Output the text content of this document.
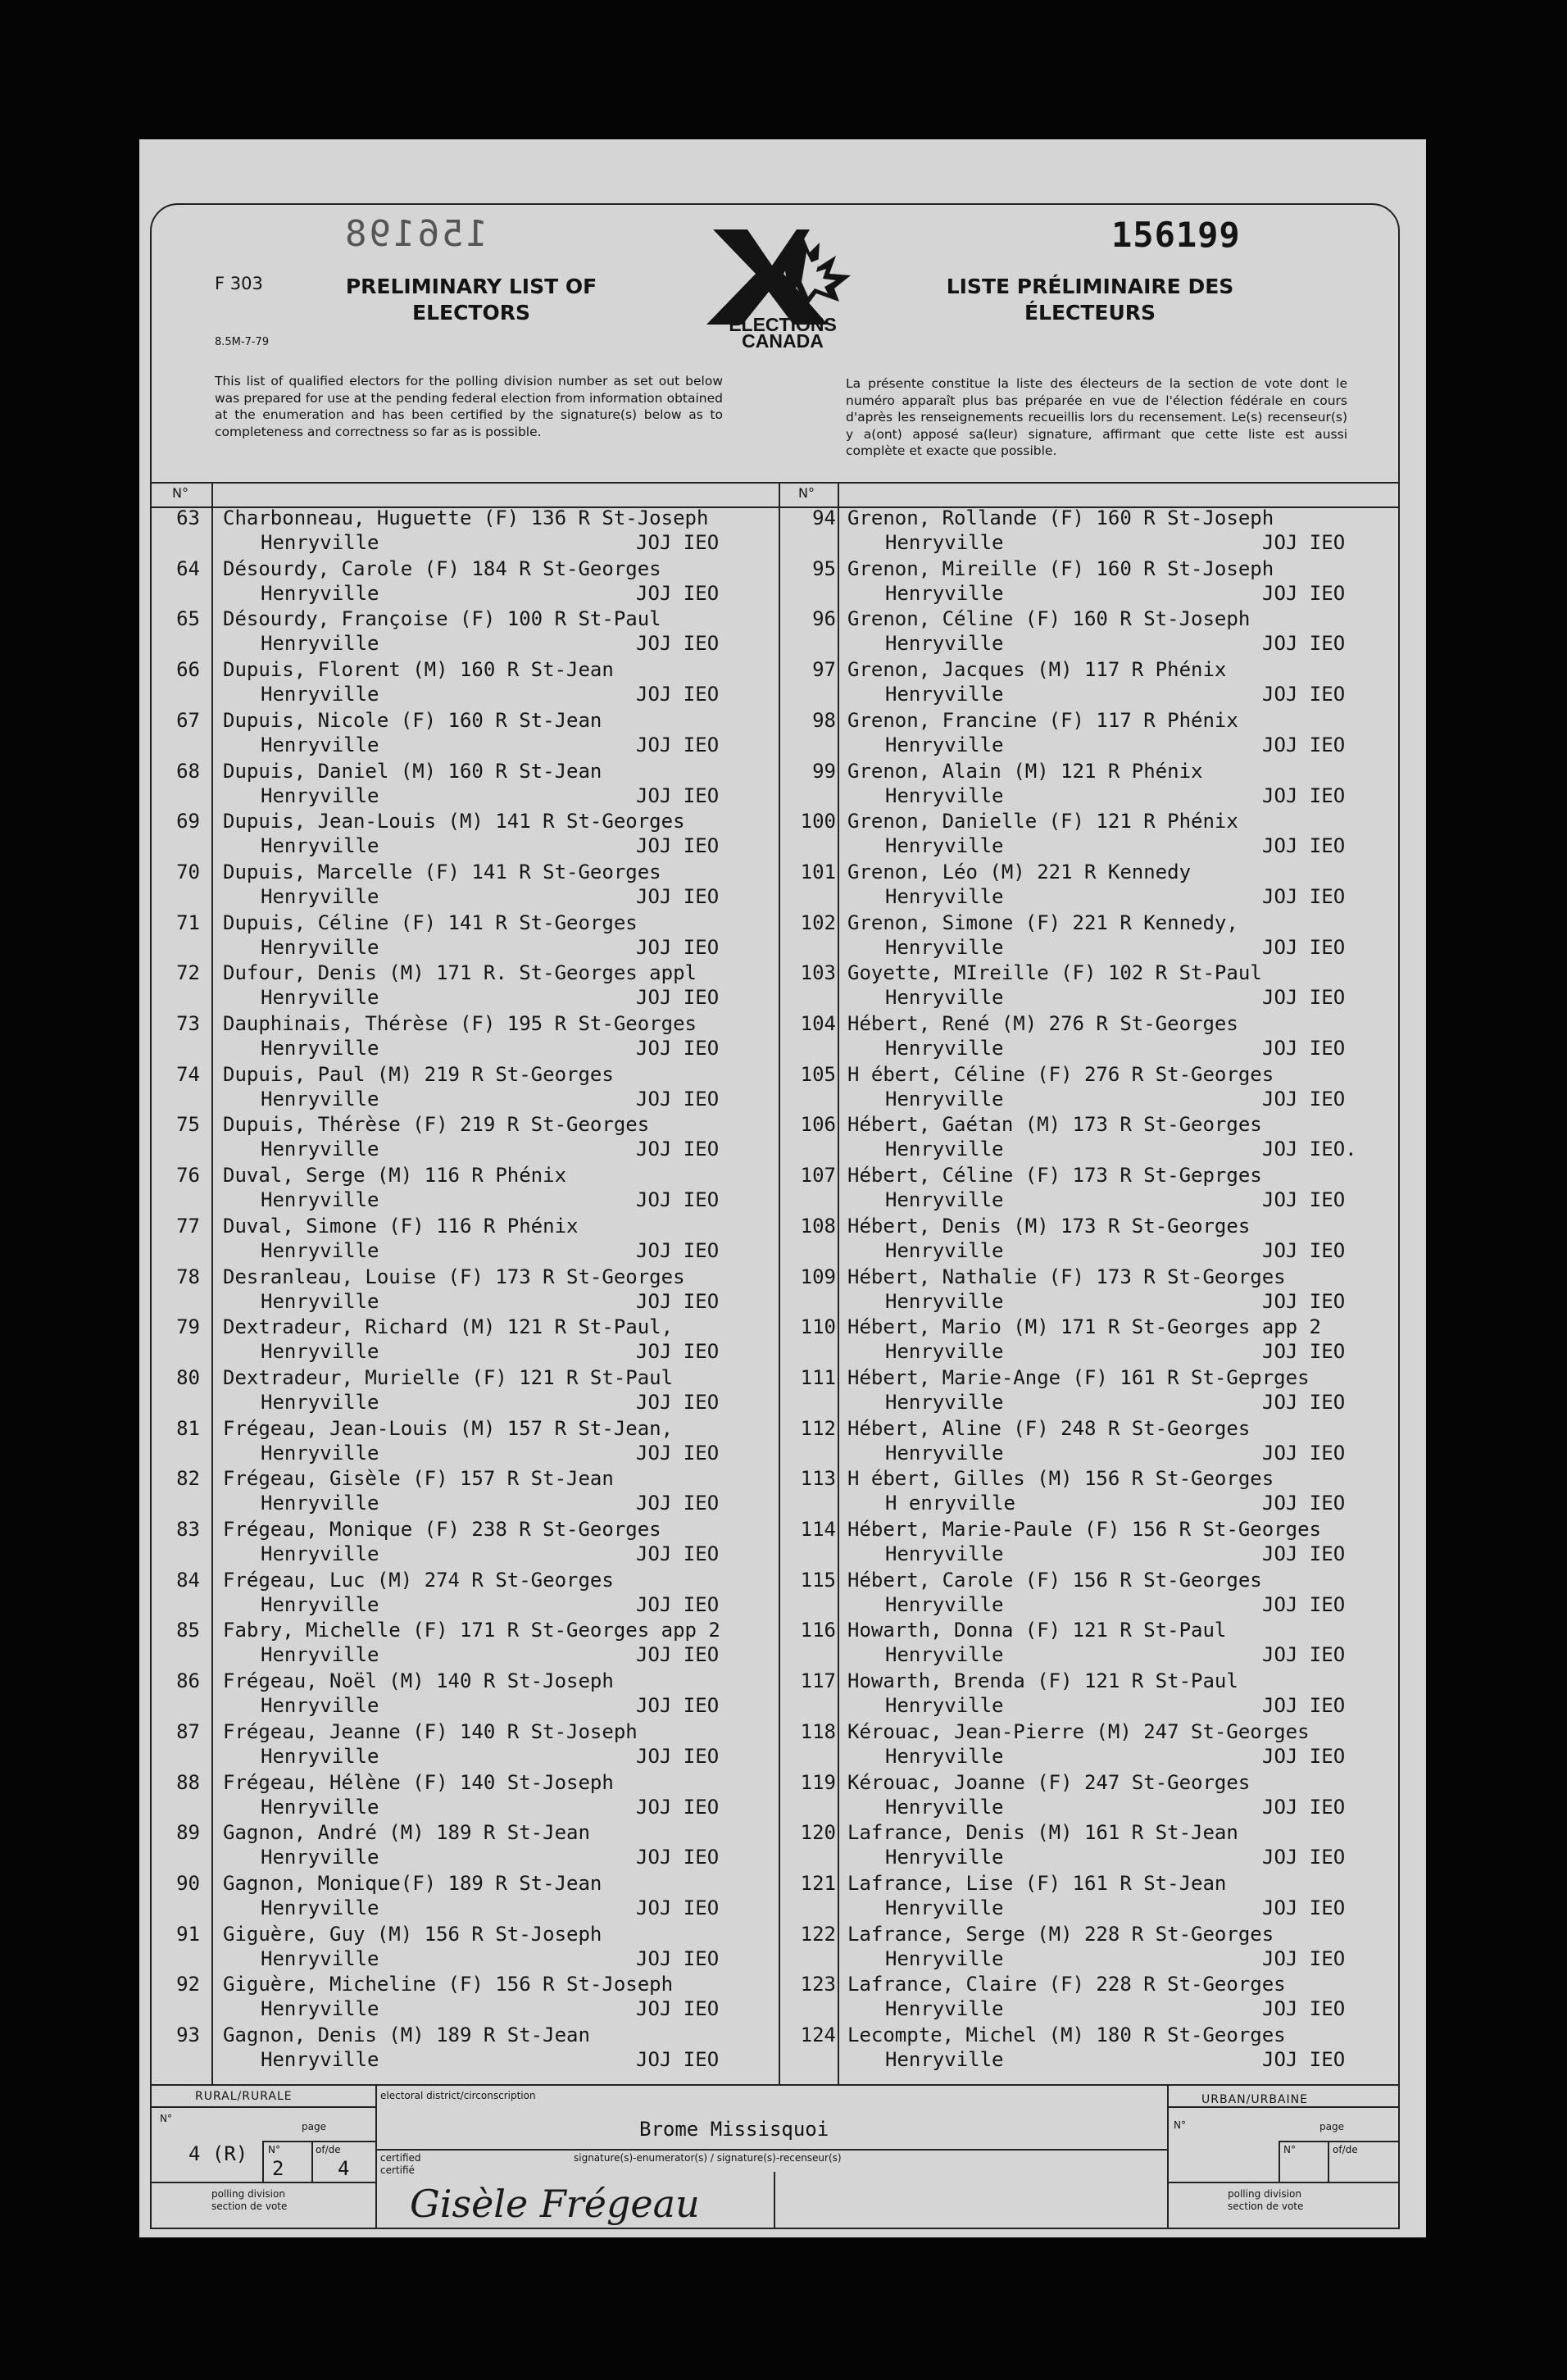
156198	156199
F 303
8.5M-7-79
PRELIMINARY LIST OF
ELECTORS	ELECTIONS
CANADA
LISTE PRÉLIMINAIRE DES
ÉLECTEURS
This list of qualified electors for the polling division number as set out below was prepared for use at the pending federal election from information obtained at the enumeration and has been certified by the signature(s) below as to completeness and correctness so far as is possible.
La présente constitue la liste des électeurs de la section de vote dont le numéro apparaît plus bas préparée en vue de l'élection fédérale en cours d'après les renseignements recueillis lors du recensement. Le(s) recenseur(s) y a(ont) apposé sa(leur) signature, affirmant que cette liste est aussi complète et exacte que possible.
N°	N°
63 Charbonneau, Huguette (F) 136 R St-Joseph
Henryville	JOJ IEO
64 Désourdy, Carole (F) 184 R St-Georges
Henryville	JOJ IEO
65 Désourdy, Françoise (F) 100 R St-Paul
Henryville	JOJ IEO
66 Dupuis, Florent (M) 160 R St-Jean
Henryville	JOJ IEO
67 Dupuis, Nicole (F) 160 R St-Jean
Henryville	JOJ IEO
68 Dupuis, Daniel (M) 160 R St-Jean
Henryville	JOJ IEO
69 Dupuis, Jean-Louis (M) 141 R St-Georges
Henryville	JOJ IEO
70 Dupuis, Marcelle (F) 141 R St-Georges
Henryville	JOJ IEO
71 Dupuis, Céline (F) 141 R St-Georges
Henryville	JOJ IEO
72 Dufour, Denis (M) 171 R. St-Georges appl
Henryville	JOJ IEO
73 Dauphinais, Thérèse (F) 195 R St-Georges
Henryville	JOJ IEO
74 Dupuis, Paul (M) 219 R St-Georges
Henryville	JOJ IEO
75 Dupuis, Thérèse (F) 219 R St-Georges
Henryville	JOJ IEO
76 Duval, Serge (M) 116 R Phénix
Henryville	JOJ IEO
77 Duval, Simone (F) 116 R Phénix
Henryville	JOJ IEO
78 Desranleau, Louise (F) 173 R St-Georges
Henryville	JOJ IEO
79 Dextradeur, Richard (M) 121 R St-Paul,
Henryville	JOJ IEO
80 Dextradeur, Murielle (F) 121 R St-Paul
Henryville	JOJ IEO
81 Frégeau, Jean-Louis (M) 157 R St-Jean,
Henryville	JOJ IEO
82 Frégeau, Gisèle (F) 157 R St-Jean
Henryville	JOJ IEO
83 Frégeau, Monique (F) 238 R St-Georges
Henryville	JOJ IEO
84 Frégeau, Luc (M) 274 R St-Georges
Henryville	JOJ IEO
85 Fabry, Michelle (F) 171 R St-Georges app 2
Henryville	JOJ IEO
86 Frégeau, Noël (M) 140 R St-Joseph
Henryville	JOJ IEO
87 Frégeau, Jeanne (F) 140 R St-Joseph
Henryville	JOJ IEO
88 Frégeau, Hélène (F) 140 St-Joseph
Henryville	JOJ IEO
89 Gagnon, André (M) 189 R St-Jean
Henryville	JOJ IEO
90 Gagnon, Monique(F) 189 R St-Jean
Henryville	JOJ IEO
91 Giguère, Guy (M) 156 R St-Joseph
Henryville	JOJ IEO
92 Giguère, Micheline (F) 156 R St-Joseph
Henryville	JOJ IEO
93 Gagnon, Denis (M) 189 R St-Jean
Henryville	JOJ IEO
94 Grenon, Rollande (F) 160 R St-Joseph
Henryville	JOJ IEO
95 Grenon, Mireille (F) 160 R St-Joseph
Henryville	JOJ IEO
96 Grenon, Céline (F) 160 R St-Joseph
Henryville	JOJ IEO
97 Grenon, Jacques (M) 117 R Phénix
Henryville	JOJ IEO
98 Grenon, Francine (F) 117 R Phénix
Henryville	JOJ IEO
99 Grenon, Alain (M) 121 R Phénix
Henryville	JOJ IEO
100 Grenon, Danielle (F) 121 R Phénix
Henryville	JOJ IEO
101 Grenon, Léo (M) 221 R Kennedy
Henryville	JOJ IEO
102 Grenon, Simone (F) 221 R Kennedy,
Henryville	JOJ IEO
103 Goyette, MIreille (F) 102 R St-Paul
Henryville	JOJ IEO
104 Hébert, René (M) 276 R St-Georges
Henryville	JOJ IEO
105 H ébert, Céline (F) 276 R St-Georges
Henryville	JOJ IEO
106 Hébert, Gaétan (M) 173 R St-Georges
Henryville	JOJ IEO.
107 Hébert, Céline (F) 173 R St-Geprges
Henryville	JOJ IEO
108 Hébert, Denis (M) 173 R St-Georges
Henryville	JOJ IEO
109 Hébert, Nathalie (F) 173 R St-Georges
Henryville	JOJ IEO
110 Hébert, Mario (M) 171 R St-Georges app 2
Henryville	JOJ IEO
111 Hébert, Marie-Ange (F) 161 R St-Geprges
Henryville	JOJ IEO
112 Hébert, Aline (F) 248 R St-Georges
Henryville	JOJ IEO
113 H ébert, Gilles (M) 156 R St-Georges
H enryville	JOJ IEO
114 Hébert, Marie-Paule (F) 156 R St-Georges
Henryville	JOJ IEO
115 Hébert, Carole (F) 156 R St-Georges
Henryville	JOJ IEO
116 Howarth, Donna (F) 121 R St-Paul
Henryville	JOJ IEO
117 Howarth, Brenda (F) 121 R St-Paul
Henryville	JOJ IEO
118 Kérouac, Jean-Pierre (M) 247 St-Georges
Henryville	JOJ IEO
119 Kérouac, Joanne (F) 247 St-Georges
Henryville	JOJ IEO
120 Lafrance, Denis (M) 161 R St-Jean
Henryville	JOJ IEO
121 Lafrance, Lise (F) 161 R St-Jean
Henryville	JOJ IEO
122 Lafrance, Serge (M) 228 R St-Georges
Henryville	JOJ IEO
123 Lafrance, Claire (F) 228 R St-Georges
Henryville	JOJ IEO
124 Lecompte, Michel (M) 180 R St-Georges
Henryville	JOJ IEO
RURAL/RURALE
N°
page
4 (R) N°
2
of/de
4
polling division
section de vote
electoral district/circonscription
Brome Missisquoi
certified
certifié
signature(s)-enumerator(s) / signature(s)-recenseur(s)
Gisèle Frégeau
URBAN/URBAINE
N°	page
N°	of/de
polling division
section de vote
